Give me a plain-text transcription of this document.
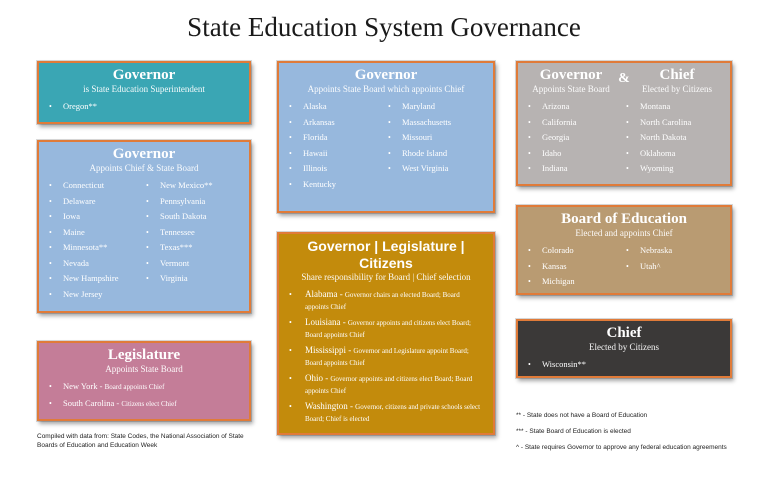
State Education System Governance
Governor
is State Education Superintendent
• Oregon**
Governor
Appoints Chief & State Board
• Connecticut
• Delaware
• Iowa
• Maine
• Minnesota**
• Nevada
• New Hampshire
• New Jersey
• New Mexico**
• Pennsylvania
• South Dakota
• Tennessee
• Texas***
• Vermont
• Virginia
Legislature
Appoints State Board
• New York - Board appoints Chief
• South Carolina - Citizens elect Chief
Governor
Appoints State Board which appoints Chief
• Alaska
• Arkansas
• Florida
• Hawaii
• Illinois
• Kentucky
• Maryland
• Massachusetts
• Missouri
• Rhode Island
• West Virginia
Governor | Legislature | Citizens
Share responsibility for Board | Chief selection
• Alabama - Governor chairs an elected Board; Board appoints Chief
• Louisiana - Governor appoints and citizens elect Board; Board appoints Chief
• Mississippi - Governor and Legislature appoint Board; Board appoints Chief
• Ohio - Governor appoints and citizens elect Board; Board appoints Chief
• Washington - Governor, citizens and private schools select Board; Chief is elected
Governor
Appoints State Board
&	Chief
Elected by Citizens
• Arizona
• California
• Georgia
• Idaho
• Indiana
• Montana
• North Carolina
• North Dakota
• Oklahoma
• Wyoming
Board of Education
Elected and appoints Chief
• Colorado
• Kansas
• Michigan
• Nebraska
• Utah^
Chief
Elected by Citizens
• Wisconsin**
Compiled with data from: State Codes, the National Association of State Boards of Education and Education Week
** - State does not have a Board of Education
*** - State Board of Education is elected
^ - State requires Governor to approve any federal education agreements
